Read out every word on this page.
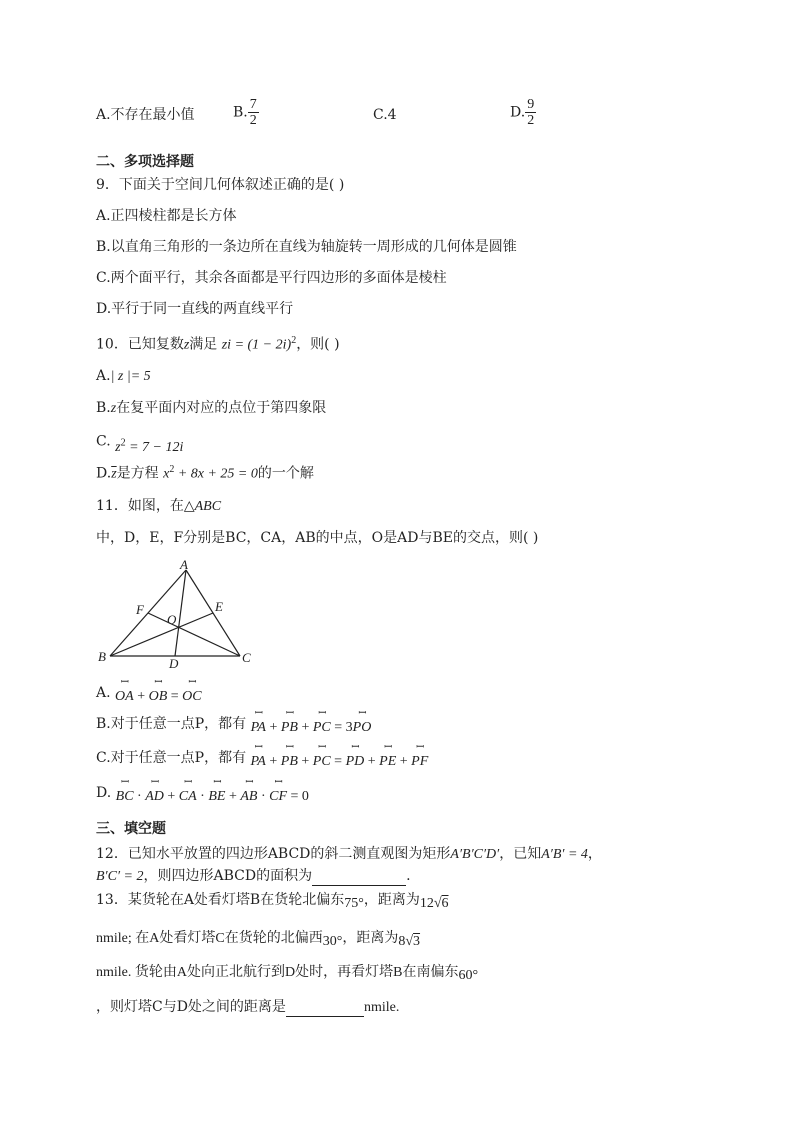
A.不存在最小值	B. $\frac{7}{2}$	C.4	D. $\frac{9}{2}$
二、多项选择题
9．下面关于空间几何体叙述正确的是( )
A.正四棱柱都是长方体
B.以直角三角形的一条边所在直线为轴旋转一周形成的几何体是圆锥
C.两个面平行，其余各面都是平行四边形的多面体是棱柱
D.平行于同一直线的两直线平行
10．已知复数z满足 zi = $(1 - 2i)^2$，则( )
A.| z |= 5
B.z在复平面内对应的点位于第四象限
C. $z^2 = 7 - 12i$
$D.\overline{z}$是方程 $x^2 + 8x + 25 = 0$的一个解
11．如图，在△ABC
中，D，E，F分别是BC，CA，AB的中点，O是AD与BE的交点，则( )
A
B	C
D
E
F
O
A. ꟷ OA + ꟷ OB = ꟷ OC
B.对于任意一点P，都有 ꟷ PA + ꟷ PB + ꟷ PC = 3ꟷ PO
C.对于任意一点P，都有 ꟷ PA + ꟷ PB + ꟷ PC = ꟷ PD + ꟷ PE + ꟷ PF
D. ꟷ BC · ꟷ AD + ꟷ CA · ꟷ BE + ꟷ AB · ꟷ CF = 0
三、填空题
12．已知水平放置的四边形ABCD的斜二测直观图为矩形A′B′C′D′，已知A′B′ = 4，
B′C′ = 2，则四边形ABCD的面积为	.
13．某货轮在A处看灯塔B在货轮北偏东75°，距离为12√6
nmile; 在A处看灯塔C在货轮的北偏西30°，距离为8√3
nmile. 货轮由A处向正北航行到D处时，再看灯塔B在南偏东60°
，则灯塔C与D处之间的距离是	nmile.
